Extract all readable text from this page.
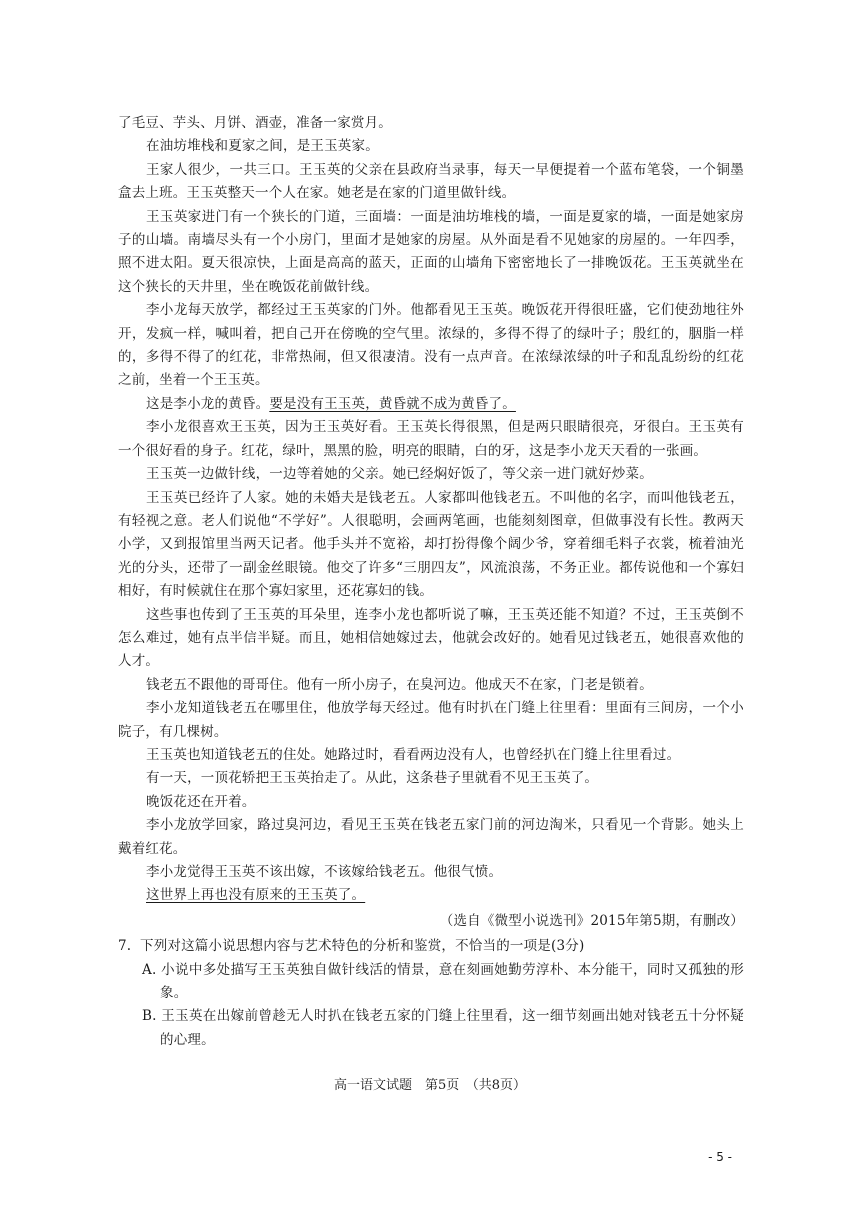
了毛豆、芋头、月饼、酒壶，准备一家赏月。

在油坊堆栈和夏家之间，是王玉英家。

王家人很少，一共三口。王玉英的父亲在县政府当录事，每天一早便提着一个蓝布笔袋，一个铜墨盒去上班。王玉英整天一个人在家。她老是在家的门道里做针线。

王玉英家进门有一个狭长的门道，三面墙：一面是油坊堆栈的墙，一面是夏家的墙，一面是她家房子的山墙。南墙尽头有一个小房门，里面才是她家的房屋。从外面是看不见她家的房屋的。一年四季，照不进太阳。夏天很凉快，上面是高高的蓝天，正面的山墙角下密密地长了一排晚饭花。王玉英就坐在这个狭长的天井里，坐在晚饭花前做针线。

李小龙每天放学，都经过王玉英家的门外。他都看见王玉英。晚饭花开得很旺盛，它们使劲地往外开，发疯一样，喊叫着，把自己开在傍晚的空气里。浓绿的，多得不得了的绿叶子；殷红的，胭脂一样的，多得不得了的红花，非常热闹，但又很凄清。没有一点声音。在浓绿浓绿的叶子和乱乱纷纷的红花之前，坐着一个王玉英。

这是李小龙的黄昏。要是没有王玉英，黄昏就不成为黄昏了。

李小龙很喜欢王玉英，因为王玉英好看。王玉英长得很黑，但是两只眼睛很亮，牙很白。王玉英有一个很好看的身子。红花，绿叶，黑黑的脸，明亮的眼睛，白的牙，这是李小龙天天看的一张画。

王玉英一边做针线，一边等着她的父亲。她已经焖好饭了，等父亲一进门就好炒菜。

王玉英已经许了人家。她的未婚夫是钱老五。人家都叫他钱老五。不叫他的名字，而叫他钱老五，有轻视之意。老人们说他“不学好”。人很聪明，会画两笔画，也能刻刻图章，但做事没有长性。教两天小学，又到报馆里当两天记者。他手头并不宽裕，却打扮得像个阔少爷，穿着细毛料子衣裳，梳着油光光的分头，还带了一副金丝眼镜。他交了许多“三朋四友”，风流浪荡，不务正业。都传说他和一个寡妇相好，有时候就住在那个寡妇家里，还花寡妇的钱。

这些事也传到了王玉英的耳朵里，连李小龙也都听说了嘛，王玉英还能不知道？不过，王玉英倒不怎么难过，她有点半信半疑。而且，她相信她嫁过去，他就会改好的。她看见过钱老五，她很喜欢他的人才。

钱老五不跟他的哥哥住。他有一所小房子，在臭河边。他成天不在家，门老是锁着。

李小龙知道钱老五在哪里住，他放学每天经过。他有时扒在门缝上往里看：里面有三间房，一个小院子，有几棵树。

王玉英也知道钱老五的住处。她路过时，看看两边没有人，也曾经扒在门缝上往里看过。

有一天，一顶花轿把王玉英抬走了。从此，这条巷子里就看不见王玉英了。

晚饭花还在开着。

李小龙放学回家，路过臭河边，看见王玉英在钱老五家门前的河边淘米，只看见一个背影。她头上戴着红花。

李小龙觉得王玉英不该出嫁，不该嫁给钱老五。他很气愤。

这世界上再也没有原来的王玉英了。

（选自《微型小说选刊》2015年第5期，有删改）

7. 下列对这篇小说思想内容与艺术特色的分析和鉴赏，不恰当的一项是(3分)

A. 小说中多处描写王玉英独自做针线活的情景，意在刻画她勤劳淳朴、本分能干，同时又孤独的形象。

B. 王玉英在出嫁前曾趁无人时扒在钱老五家的门缝上往里看，这一细节刻画出她对钱老五十分怀疑的心理。

高一语文试题　第5页　（共8页）
- 5 -
